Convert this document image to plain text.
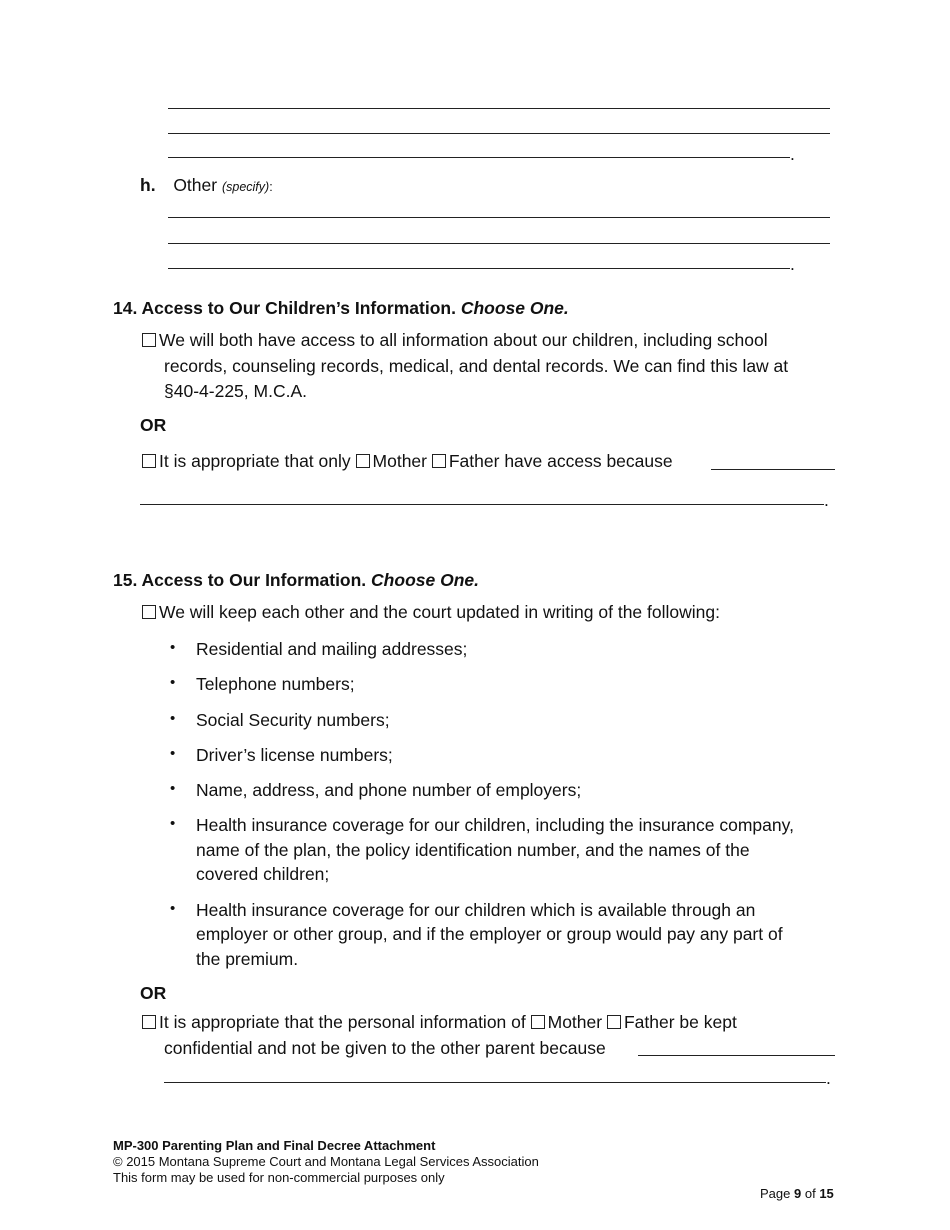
.
h. Other (specify):
.
14. Access to Our Children’s Information. Choose One.
We will both have access to all information about our children, including school
records, counseling records, medical, and dental records. We can find this law at
§40-4-225, M.C.A.
OR
It is appropriate that only Mother Father have access because
.
15. Access to Our Information. Choose One.
We will keep each other and the court updated in writing of the following:
• Residential and mailing addresses;
• Telephone numbers;
• Social Security numbers;
• Driver’s license numbers;
• Name, address, and phone number of employers;
• Health insurance coverage for our children, including the insurance company,
name of the plan, the policy identification number, and the names of the
covered children;
• Health insurance coverage for our children which is available through an
employer or other group, and if the employer or group would pay any part of
the premium.
OR
It is appropriate that the personal information of Mother Father be kept
confidential and not be given to the other parent because
.
MP-300 Parenting Plan and Final Decree Attachment
© 2015 Montana Supreme Court and Montana Legal Services Association
This form may be used for non-commercial purposes only
Page 9 of 15
